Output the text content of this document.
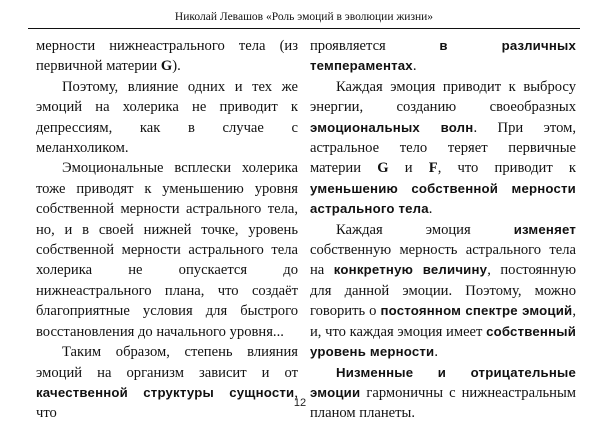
Николай Левашов «Роль эмоций в эволюции жизни»

мерности нижнеастрального тела (из первичной материи G).

Поэтому, влияние одних и тех же эмоций на холерика не приводит к депрессиям, как в случае с меланхоликом.

Эмоциональные всплески холерика тоже приводят к уменьшению уровня собственной мерности астрального тела, но, и в своей нижней точке, уровень собственной мерности астрального тела холерика не опускается до нижнеастрального плана, что создаёт благоприятные условия для быстрого восстановления до начального уровня...

Таким образом, степень влияния эмоций на организм зависит и от качественной структуры сущности, что

проявляется в различных темпераментах.

Каждая эмоция приводит к выбросу энергии, созданию своеобразных эмоциональных волн. При этом, астральное тело теряет первичные материи G и F, что приводит к уменьшению собственной мерности астрального тела.

Каждая эмоция изменяет собственную мерность астрального тела на конкретную величину, постоянную для данной эмоции. Поэтому, можно говорить о постоянном спектре эмоций, и, что каждая эмоция имеет собственный уровень мерности.

Низменные и отрицательные эмоции гармоничны с нижнеастральным планом планеты.

12
